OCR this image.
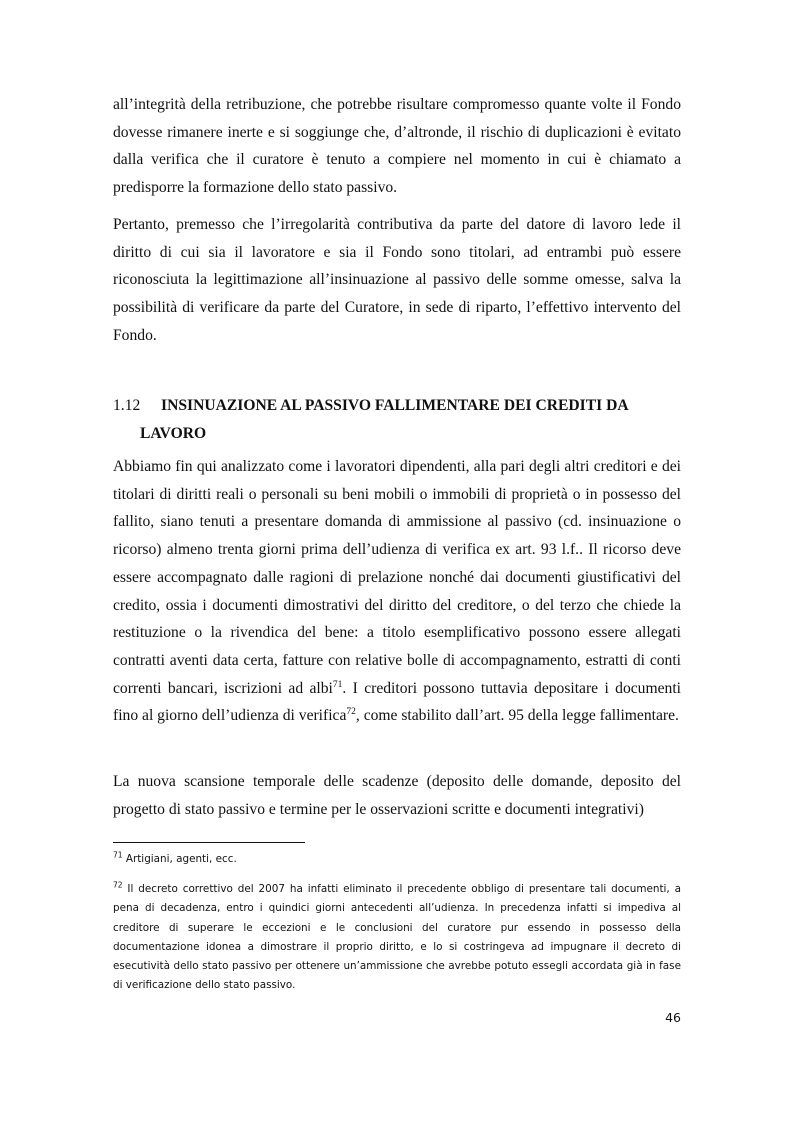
all’integrità della retribuzione, che potrebbe risultare compromesso quante volte il Fondo dovesse rimanere inerte e si soggiunge che, d’altronde, il rischio di duplicazioni è evitato dalla verifica che il curatore è tenuto a compiere nel momento in cui è chiamato a predisporre la formazione dello stato passivo.

Pertanto, premesso che l’irregolarità contributiva da parte del datore di lavoro lede il diritto di cui sia il lavoratore e sia il Fondo sono titolari, ad entrambi può essere riconosciuta la legittimazione all’insinuazione al passivo delle somme omesse, salva la possibilità di verificare da parte del Curatore, in sede di riparto, l’effettivo intervento del Fondo.

1.12 INSINUAZIONE AL PASSIVO FALLIMENTARE DEI CREDITI DA
LAVORO

Abbiamo fin qui analizzato come i lavoratori dipendenti, alla pari degli altri creditori e dei titolari di diritti reali o personali su beni mobili o immobili di proprietà o in possesso del fallito, siano tenuti a presentare domanda di ammissione al passivo (cd. insinuazione o ricorso) almeno trenta giorni prima dell’udienza di verifica ex art. 93 l.f.. Il ricorso deve essere accompagnato dalle ragioni di prelazione nonché dai documenti giustificativi del credito, ossia i documenti dimostrativi del diritto del creditore, o del terzo che chiede la restituzione o la rivendica del bene: a titolo esemplificativo possono essere allegati contratti aventi data certa, fatture con relative bolle di accompagnamento, estratti di conti correnti bancari, iscrizioni ad albi$^{71}$. I creditori possono tuttavia depositare i documenti fino al giorno dell’udienza di verifica$^{72}$, come stabilito dall’art. 95 della legge fallimentare.

La nuova scansione temporale delle scadenze (deposito delle domande, deposito del progetto di stato passivo e termine per le osservazioni scritte e documenti integrativi)

$^{71}$ Artigiani, agenti, ecc.

$^{72}$ Il decreto correttivo del 2007 ha infatti eliminato il precedente obbligo di presentare tali documenti, a pena di decadenza, entro i quindici giorni antecedenti all’udienza. In precedenza infatti si impediva al creditore di superare le eccezioni e le conclusioni del curatore pur essendo in possesso della documentazione idonea a dimostrare il proprio diritto, e lo si costringeva ad impugnare il decreto di esecutività dello stato passivo per ottenere un’ammissione che avrebbe potuto essegli accordata già in fase di verificazione dello stato passivo.

46
